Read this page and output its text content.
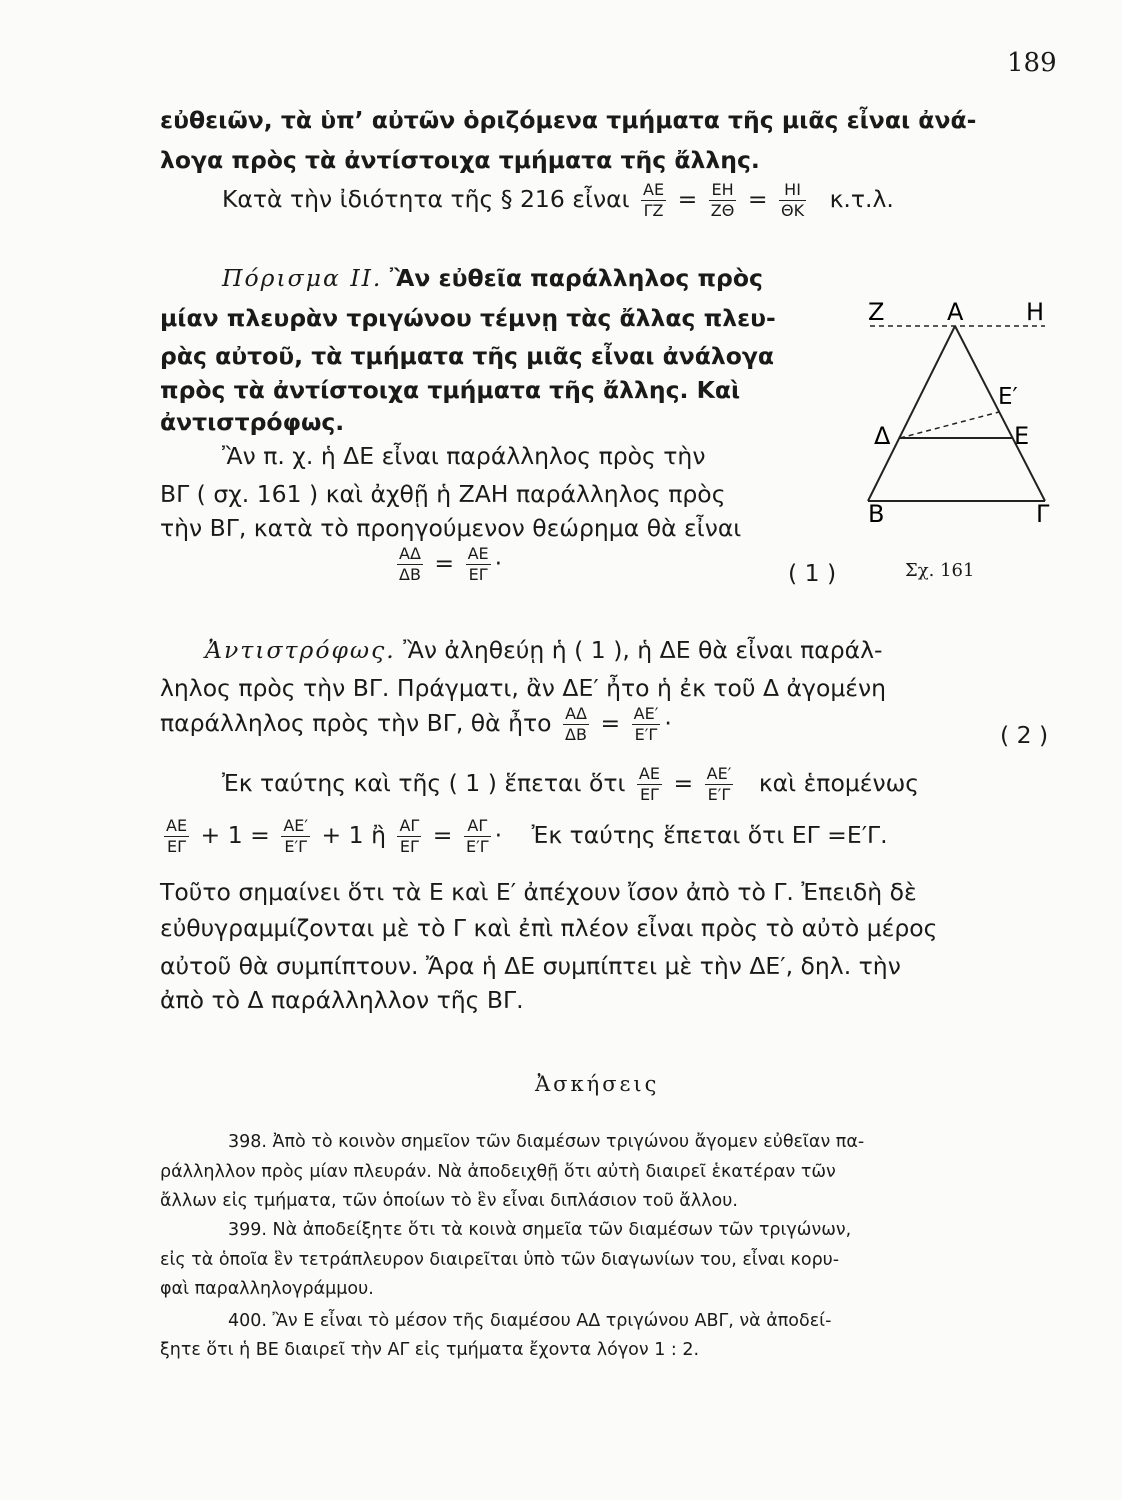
189
εὐθειῶν, τὰ ὑπ’ αὐτῶν ὁριζόμενα τμήματα τῆς μιᾶς εἶναι ἀνά-
λογα πρὸς τὰ ἀντίστοιχα τμήματα τῆς ἄλλης.
Κατὰ τὴν ἰδιότητα τῆς § 216 εἶναι $\frac{AE}{\Gamma Z} = \frac{EH}{Z\Theta} = \frac{HI}{\Theta K} \kappa.\tau.\lambda$.
Πόρισμα ΙΙ. Ἂν εὐθεῖα παράλληλος πρὸς
μίαν πλευρὰν τριγώνου τέμνῃ τὰς ἄλλας πλευ-
ρὰς αὐτοῦ, τὰ τμήματα τῆς μιᾶς εἶναι ἀνάλογα
πρὸς τὰ ἀντίστοιχα τμήματα τῆς ἄλλης. Καὶ
ἀντιστρόφως.
Ἂν π. χ. ἡ ΔΕ εἶναι παράλληλος πρὸς τὴν
ΒΓ ( σχ. 161 ) καὶ ἀχθῇ ἡ ΖΑΗ παράλληλος πρὸς
τὴν ΒΓ, κατὰ τὸ προηγούμενον θεώρημα θὰ εἶναι
$\frac{A\Delta}{\Delta B} = \frac{AE}{E\Gamma}$ ·	( 1 )
Ζ	Α	Η
Ε′
Δ	Ε
Β	Γ
Σχ. 161
Ἀντιστρόφως. Ἂν ἀληθεύῃ ἡ ( 1 ), ἡ ΔΕ θὰ εἶναι παράλ-
ληλος πρὸς τὴν ΒΓ. Πράγματι, ἂν ΔΕ′ ἦτο ἡ ἐκ τοῦ Δ ἀγομένη
παράλληλος πρὸς τὴν ΒΓ, θὰ ἦτο $\frac{A\Delta}{\Delta B} = \frac{AE'}{E'\Gamma}$ ·	( 2 )
Ἐκ ταύτης καὶ τῆς ( 1 ) ἕπεται ὅτι $\frac{AE}{E\Gamma} = \frac{AE'}{E'\Gamma}$ καὶ ἑπομένως
$\frac{AE}{E\Gamma} + 1 = \frac{AE'}{E'\Gamma} + 1$ ἢ $\frac{A\Gamma}{E\Gamma} = \frac{A\Gamma}{E'\Gamma}$ · Ἐκ ταύτης ἕπεται ὅτι ΕΓ =Ε′Γ.
Τοῦτο σημαίνει ὅτι τὰ Ε καὶ Ε′ ἀπέχουν ἴσον ἀπὸ τὸ Γ. Ἐπειδὴ δὲ
εὐθυγραμμίζονται μὲ τὸ Γ καὶ ἐπὶ πλέον εἶναι πρὸς τὸ αὐτὸ μέρος
αὐτοῦ θὰ συμπίπτουν. Ἄρα ἡ ΔΕ συμπίπτει μὲ τὴν ΔΕ′, δηλ. τὴν
ἀπὸ τὸ Δ παράλληλλον τῆς ΒΓ.
Ἀσκήσεις
398. Ἀπὸ τὸ κοινὸν σημεῖον τῶν διαμέσων τριγώνου ἄγομεν εὐθεῖαν πα-
ράλληλλον πρὸς μίαν πλευράν. Νὰ ἀποδειχθῇ ὅτι αὐτὴ διαιρεῖ ἑκατέραν τῶν
ἄλλων εἰς τμήματα, τῶν ὁποίων τὸ ἓν εἶναι διπλάσιον τοῦ ἄλλου.
399. Νὰ ἀποδείξητε ὅτι τὰ κοινὰ σημεῖα τῶν διαμέσων τῶν τριγώνων,
εἰς τὰ ὁποῖα ἓν τετράπλευρον διαιρεῖται ὑπὸ τῶν διαγωνίων του, εἶναι κορυ-
φαὶ παραλληλογράμμου.
400. Ἂν Ε εἶναι τὸ μέσον τῆς διαμέσου ΑΔ τριγώνου ΑΒΓ, νὰ ἀποδεί-
ξητε ὅτι ἡ ΒΕ διαιρεῖ τὴν ΑΓ εἰς τμήματα ἔχοντα λόγον 1 : 2.
